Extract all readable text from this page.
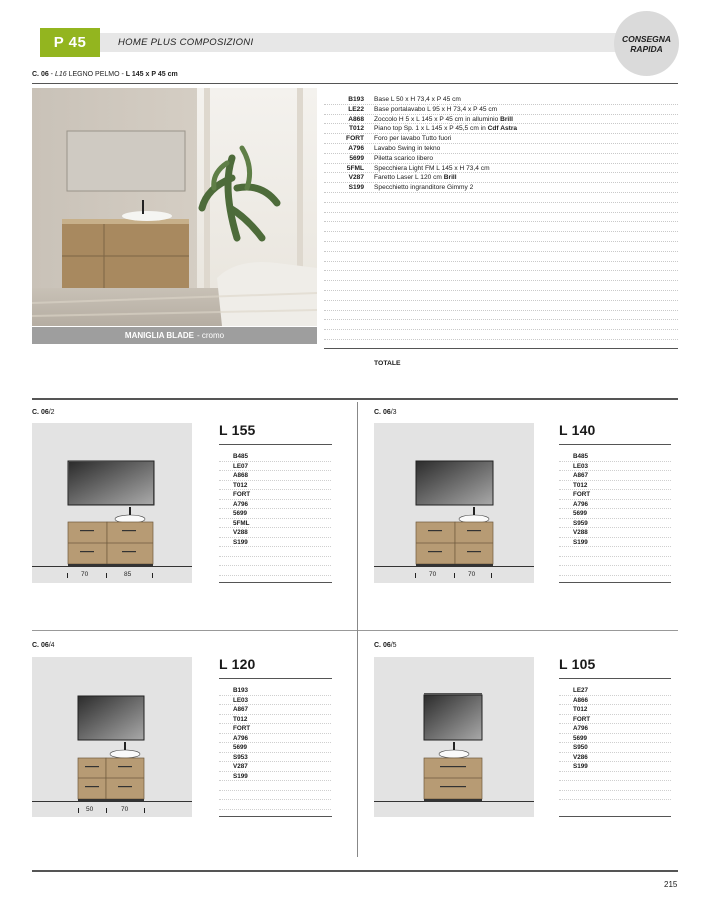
P 45	HOME PLUS COMPOSIZIONI	CONSEGNA
RAPIDA
C. 06 - L16 LEGNO PELMO - L 145 x P 45 cm
MANIGLIA BLADE - cromo
B193	Base L 50 x H 73,4 x P 45 cm
LE22	Base portalavabo L 95 x H 73,4 x P 45 cm
A868	Zoccolo H 5 x L 145 x P 45 cm in alluminio Brill
T012	Piano top Sp. 1 x L 145 x P 45,5 cm in Cdf Astra
FORT	Foro per lavabo Tutto fuori
A796	Lavabo Swing in tekno
5699	Piletta scarico libero
5FML	Specchiera Light FM L 145 x H 73,4 cm
V287	Faretto Laser L 120 cm Brill
S199	Specchietto ingranditore Gimmy 2
TOTALE
C. 06/2
70	85
L 155
B485
LE07
A868
T012
FORT
A796
5699
5FML
V288
S199
C. 06/3
70	70
L 140
B485
LE03
A867
T012
FORT
A796
5699
S959
V288
S199
C. 06/4
50	70
L 120
B193
LE03
A867
T012
FORT
A796
5699
S953
V287
S199
C. 06/5
L 105
LE27
A866
T012
FORT
A796
5699
S950
V286
S199
215
